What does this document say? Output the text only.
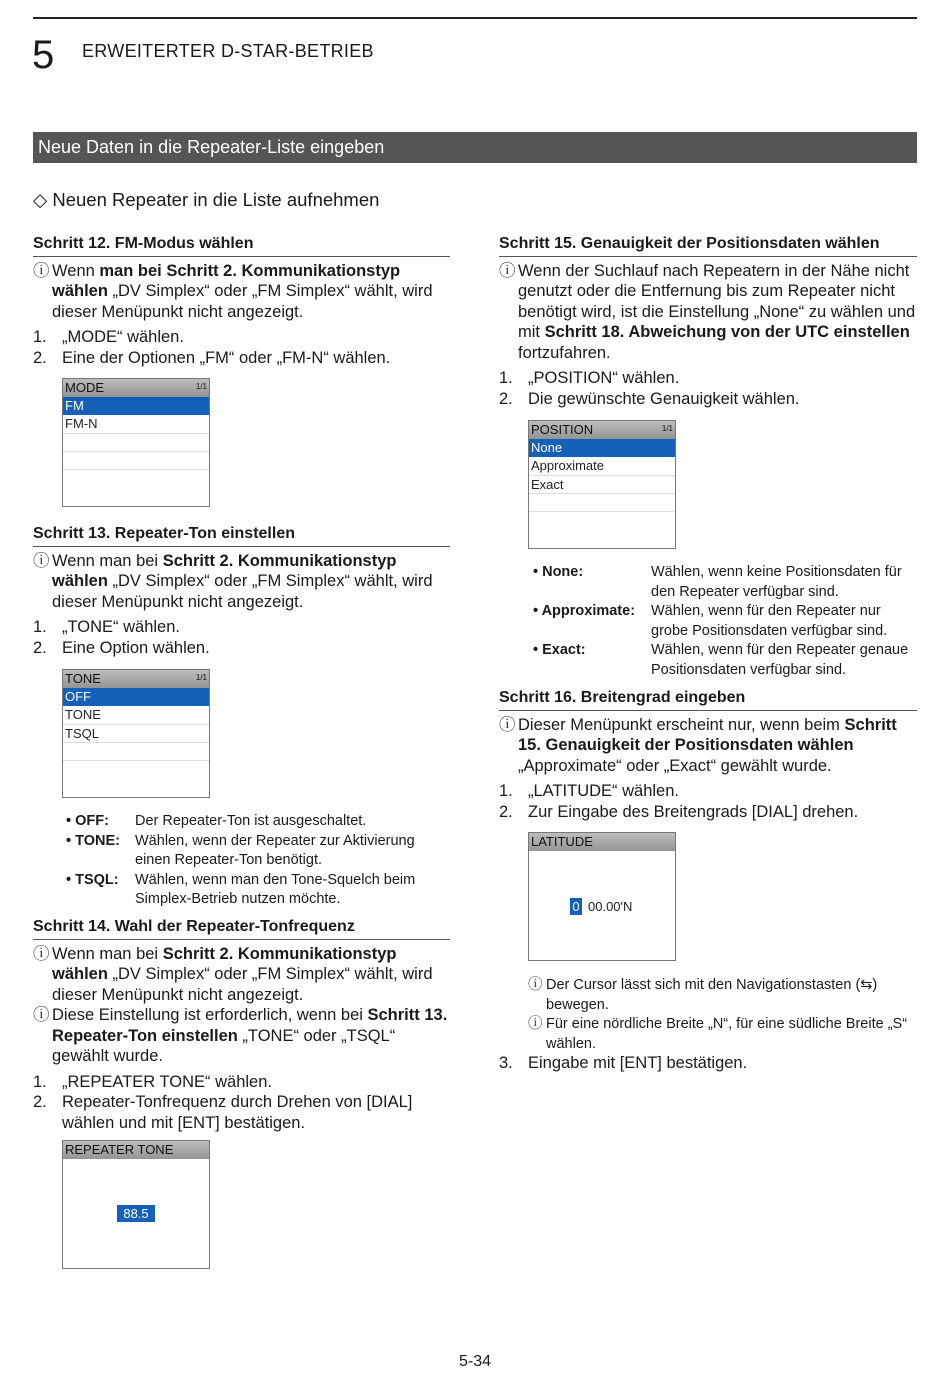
5 ERWEITERTER D-STAR-BETRIEB
Neue Daten in die Repeater-Liste eingeben
◇ Neuen Repeater in die Liste aufnehmen
Schritt 12. FM-Modus wählen
ⓘ Wenn man bei Schritt 2. Kommunikationstyp wählen „DV Simplex“ oder „FM Simplex“ wählt, wird dieser Menüpunkt nicht angezeigt.
1. „MODE“ wählen.
2. Eine der Optionen „FM“ oder „FM-N“ wählen.
MODE	1/1
FM
FM-N
Schritt 13. Repeater-Ton einstellen
ⓘ Wenn man bei Schritt 2. Kommunikationstyp wählen „DV Simplex“ oder „FM Simplex“ wählt, wird dieser Menüpunkt nicht angezeigt.
1. „TONE“ wählen.
2. Eine Option wählen.
TONE	1/1
OFF
TONE
TSQL
• OFF: Der Repeater-Ton ist ausgeschaltet.
• TONE: Wählen, wenn der Repeater zur Aktivierung einen Repeater-Ton benötigt.
• TSQL: Wählen, wenn man den Tone-Squelch beim Simplex-Betrieb nutzen möchte.
Schritt 14. Wahl der Repeater-Tonfrequenz
ⓘ Wenn man bei Schritt 2. Kommunikationstyp wählen „DV Simplex“ oder „FM Simplex“ wählt, wird dieser Menüpunkt nicht angezeigt.
ⓘ Diese Einstellung ist erforderlich, wenn bei Schritt 13. Repeater-Ton einstellen „TONE“ oder „TSQL“ gewählt wurde.
1. „REPEATER TONE“ wählen.
2. Repeater-Tonfrequenz durch Drehen von [DIAL] wählen und mit [ENT] bestätigen.
REPEATER TONE
88.5
Schritt 15. Genauigkeit der Positionsdaten wählen
ⓘ Wenn der Suchlauf nach Repeatern in der Nähe nicht genutzt oder die Entfernung bis zum Repeater nicht benötigt wird, ist die Einstellung „None“ zu wählen und mit Schritt 18. Abweichung von der UTC einstellen fortzufahren.
1. „POSITION“ wählen.
2. Die gewünschte Genauigkeit wählen.
POSITION	1/1
None
Approximate
Exact
• None:	Wählen, wenn keine Positionsdaten für den Repeater verfügbar sind.
• Approximate: Wählen, wenn für den Repeater nur grobe Positionsdaten verfügbar sind.
• Exact:	Wählen, wenn für den Repeater genaue Positionsdaten verfügbar sind.
Schritt 16. Breitengrad eingeben
ⓘ Dieser Menüpunkt erscheint nur, wenn beim Schritt 15. Genauigkeit der Positionsdaten wählen „Approximate“ oder „Exact“ gewählt wurde.
1. „LATITUDE“ wählen.
2. Zur Eingabe des Breitengrads [DIAL] drehen.
LATITUDE
0 00.00'N
ⓘ Der Cursor lässt sich mit den Navigationstasten (⇆) bewegen.
ⓘ Für eine nördliche Breite „N“, für eine südliche Breite „S“ wählen.
3. Eingabe mit [ENT] bestätigen.
5-34
